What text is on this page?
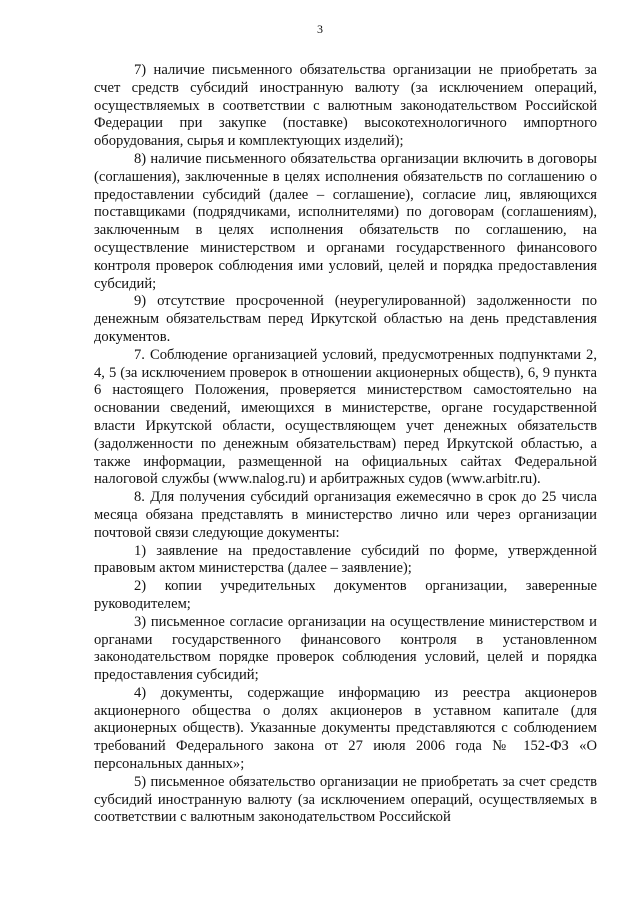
3

7) наличие письменного обязательства организации не приобретать за счет средств субсидий иностранную валюту (за исключением операций, осуществляемых в соответствии с валютным законодательством Российской Федерации при закупке (поставке) высокотехнологичного импортного оборудования, сырья и комплектующих изделий);

8) наличие письменного обязательства организации включить в договоры (соглашения), заключенные в целях исполнения обязательств по соглашению о предоставлении субсидий (далее – соглашение), согласие лиц, являющихся поставщиками (подрядчиками, исполнителями) по договорам (соглашениям), заключенным в целях исполнения обязательств по соглашению, на осуществление министерством и органами государственного финансового контроля проверок соблюдения ими условий, целей и порядка предоставления субсидий;

9) отсутствие просроченной (неурегулированной) задолженности по денежным обязательствам перед Иркутской областью на день представления документов.

7. Соблюдение организацией условий, предусмотренных подпунктами 2, 4, 5 (за исключением проверок в отношении акционерных обществ), 6, 9 пункта 6 настоящего Положения, проверяется министерством самостоятельно на основании сведений, имеющихся в министерстве, органе государственной власти Иркутской области, осуществляющем учет денежных обязательств (задолженности по денежным обязательствам) перед Иркутской областью, а также информации, размещенной на официальных сайтах Федеральной налоговой службы (www.nalog.ru) и арбитражных судов (www.arbitr.ru).

8. Для получения субсидий организация ежемесячно в срок до 25 числа месяца обязана представлять в министерство лично или через организации почтовой связи следующие документы:

1) заявление на предоставление субсидий по форме, утвержденной правовым актом министерства (далее – заявление);

2) копии учредительных документов организации, заверенные руководителем;

3) письменное согласие организации на осуществление министерством и органами государственного финансового контроля в установленном законодательством порядке проверок соблюдения условий, целей и порядка предоставления субсидий;

4) документы, содержащие информацию из реестра акционеров акционерного общества о долях акционеров в уставном капитале (для акционерных обществ). Указанные документы представляются с соблюдением требований Федерального закона от 27 июля 2006 года № 152-ФЗ «О персональных данных»;

5) письменное обязательство организации не приобретать за счет средств субсидий иностранную валюту (за исключением операций, осуществляемых в соответствии с валютным законодательством Российской
